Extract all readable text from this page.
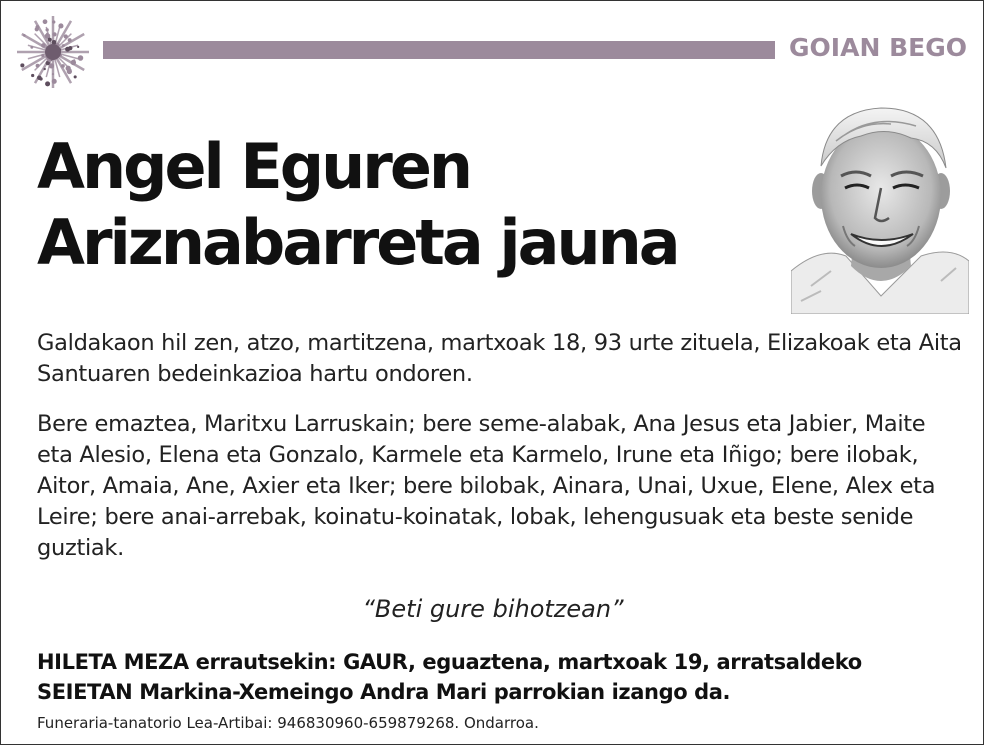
GOIAN BEGO
Angel Eguren
Ariznabarreta jauna
Galdakaon hil zen, atzo, martitzena, martxoak 18, 93 urte zituela, Elizakoak eta Aita Santuaren bedeinkazioa hartu ondoren.
Bere emaztea, Maritxu Larruskain; bere seme-alabak, Ana Jesus eta Jabier, Maite eta Alesio, Elena eta Gonzalo, Karmele eta Karmelo, Irune eta Iñigo; bere ilobak, Aitor, Amaia, Ane, Axier eta Iker; bere bilobak, Ainara, Unai, Uxue, Elene, Alex eta Leire; bere anai-arrebak, koinatu-koinatak, lobak, lehengusuak eta beste senide guztiak.
“Beti gure bihotzean”
HILETA MEZA errautsekin: GAUR, eguaztena, martxoak 19, arratsaldeko
SEIETAN Markina-Xemeingo Andra Mari parrokian izango da.
Funeraria-tanatorio Lea-Artibai: 946830960-659879268. Ondarroa.
